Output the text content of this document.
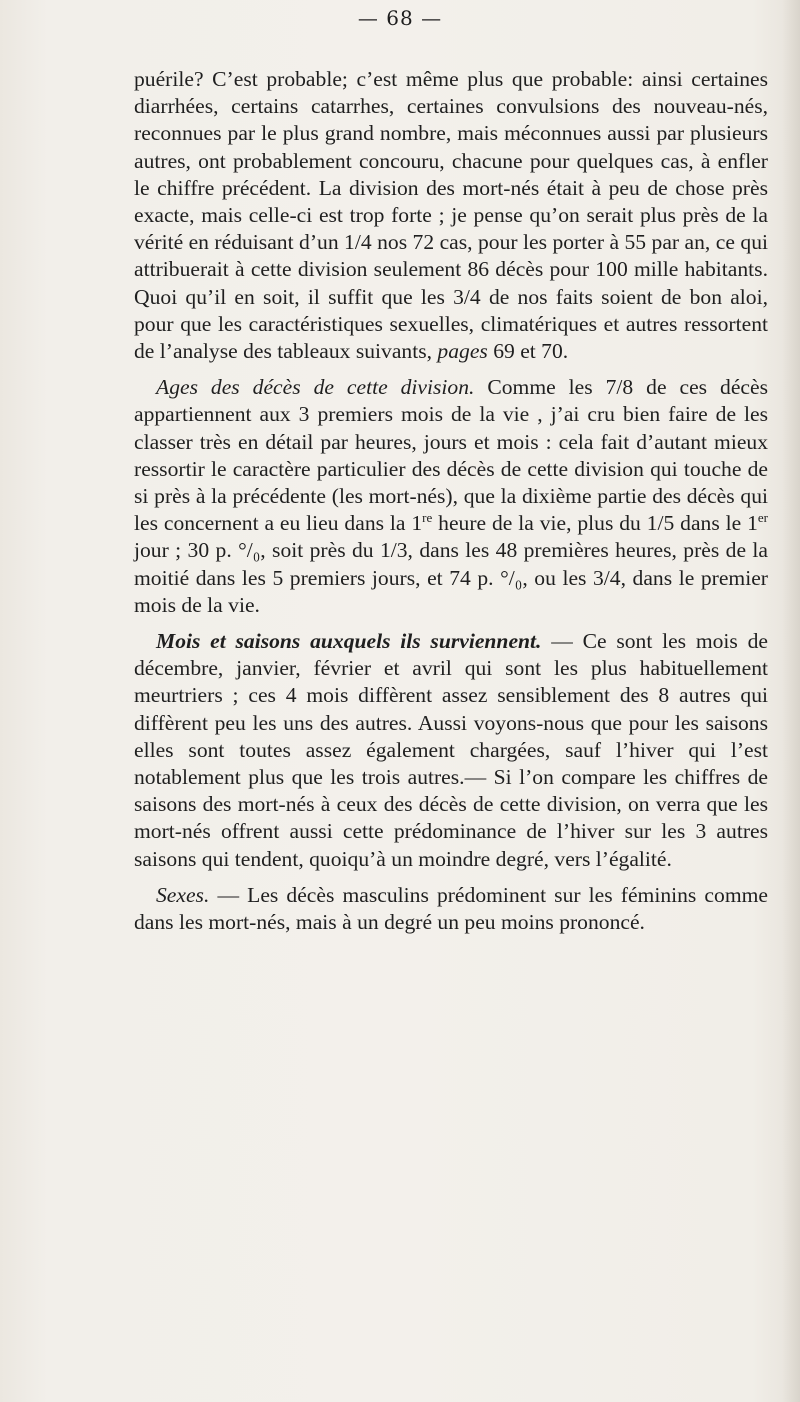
— 68 —

puérile? C’est probable; c’est même plus que probable: ainsi certaines diarrhées, certains catarrhes, certaines convulsions des nouveau-nés, reconnues par le plus grand nombre, mais méconnues aussi par plusieurs autres, ont probablement concouru, chacune pour quelques cas, à enfler le chiffre précédent. La division des mort-nés était à peu de chose près exacte, mais celle-ci est trop forte ; je pense qu’on serait plus près de la vérité en réduisant d’un 1/4 nos 72 cas, pour les porter à 55 par an, ce qui attribuerait à cette division seulement 86 décès pour 100 mille habitants. Quoi qu’il en soit, il suffit que les 3/4 de nos faits soient de bon aloi, pour que les caractéristiques sexuelles, climatériques et autres ressortent de l’analyse des tableaux suivants, pages 69 et 70.

Ages des décès de cette division. Comme les 7/8 de ces décès appartiennent aux 3 premiers mois de la vie , j’ai cru bien faire de les classer très en détail par heures, jours et mois : cela fait d’autant mieux ressortir le caractère particulier des décès de cette division qui touche de si près à la précédente (les mort-nés), que la dixième partie des décès qui les concernent a eu lieu dans la 1re heure de la vie, plus du 1/5 dans le 1er jour ; 30 p. °/₀, soit près du 1/3, dans les 48 premières heures, près de la moitié dans les 5 premiers jours, et 74 p. °/₀, ou les 3/4, dans le premier mois de la vie.

Mois et saisons auxquels ils surviennent. — Ce sont les mois de décembre, janvier, février et avril qui sont les plus habituellement meurtriers ; ces 4 mois diffèrent assez sensiblement des 8 autres qui diffèrent peu les uns des autres. Aussi voyons-nous que pour les saisons elles sont toutes assez également chargées, sauf l’hiver qui l’est notablement plus que les trois autres.— Si l’on compare les chiffres de saisons des mort-nés à ceux des décès de cette division, on verra que les mort-nés offrent aussi cette prédominance de l’hiver sur les 3 autres saisons qui tendent, quoiqu’à un moindre degré, vers l’égalité.

Sexes. — Les décès masculins prédominent sur les féminins comme dans les mort-nés, mais à un degré un peu moins prononcé.
